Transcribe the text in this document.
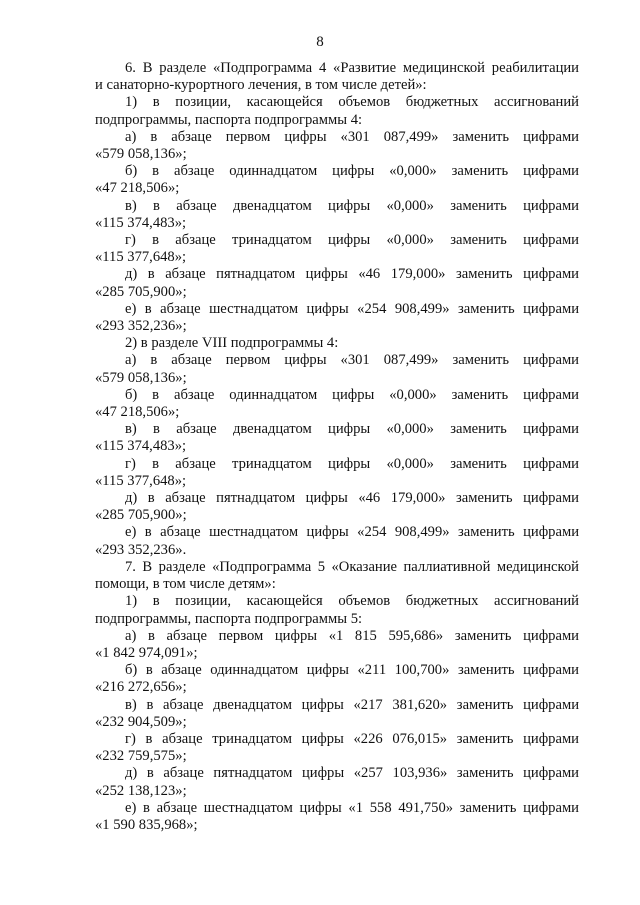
8
6. В разделе «Подпрограмма 4 «Развитие медицинской реабилитации
и санаторно-курортного лечения, в том числе детей»:
1) в позиции, касающейся объемов бюджетных ассигнований
подпрограммы, паспорта подпрограммы 4:
а) в абзаце первом цифры «301 087,499» заменить цифрами
«579 058,136»;
б) в абзаце одиннадцатом цифры «0,000» заменить цифрами
«47 218,506»;
в) в абзаце двенадцатом цифры «0,000» заменить цифрами
«115 374,483»;
г) в абзаце тринадцатом цифры «0,000» заменить цифрами
«115 377,648»;
д) в абзаце пятнадцатом цифры «46 179,000» заменить цифрами
«285 705,900»;
е) в абзаце шестнадцатом цифры «254 908,499» заменить цифрами
«293 352,236»;
2) в разделе VIII подпрограммы 4:
а) в абзаце первом цифры «301 087,499» заменить цифрами
«579 058,136»;
б) в абзаце одиннадцатом цифры «0,000» заменить цифрами
«47 218,506»;
в) в абзаце двенадцатом цифры «0,000» заменить цифрами
«115 374,483»;
г) в абзаце тринадцатом цифры «0,000» заменить цифрами
«115 377,648»;
д) в абзаце пятнадцатом цифры «46 179,000» заменить цифрами
«285 705,900»;
е) в абзаце шестнадцатом цифры «254 908,499» заменить цифрами
«293 352,236».
7. В разделе «Подпрограмма 5 «Оказание паллиативной медицинской
помощи, в том числе детям»:
1) в позиции, касающейся объемов бюджетных ассигнований
подпрограммы, паспорта подпрограммы 5:
а) в абзаце первом цифры «1 815 595,686» заменить цифрами
«1 842 974,091»;
б) в абзаце одиннадцатом цифры «211 100,700» заменить цифрами
«216 272,656»;
в) в абзаце двенадцатом цифры «217 381,620» заменить цифрами
«232 904,509»;
г) в абзаце тринадцатом цифры «226 076,015» заменить цифрами
«232 759,575»;
д) в абзаце пятнадцатом цифры «257 103,936» заменить цифрами
«252 138,123»;
е) в абзаце шестнадцатом цифры «1 558 491,750» заменить цифрами
«1 590 835,968»;
